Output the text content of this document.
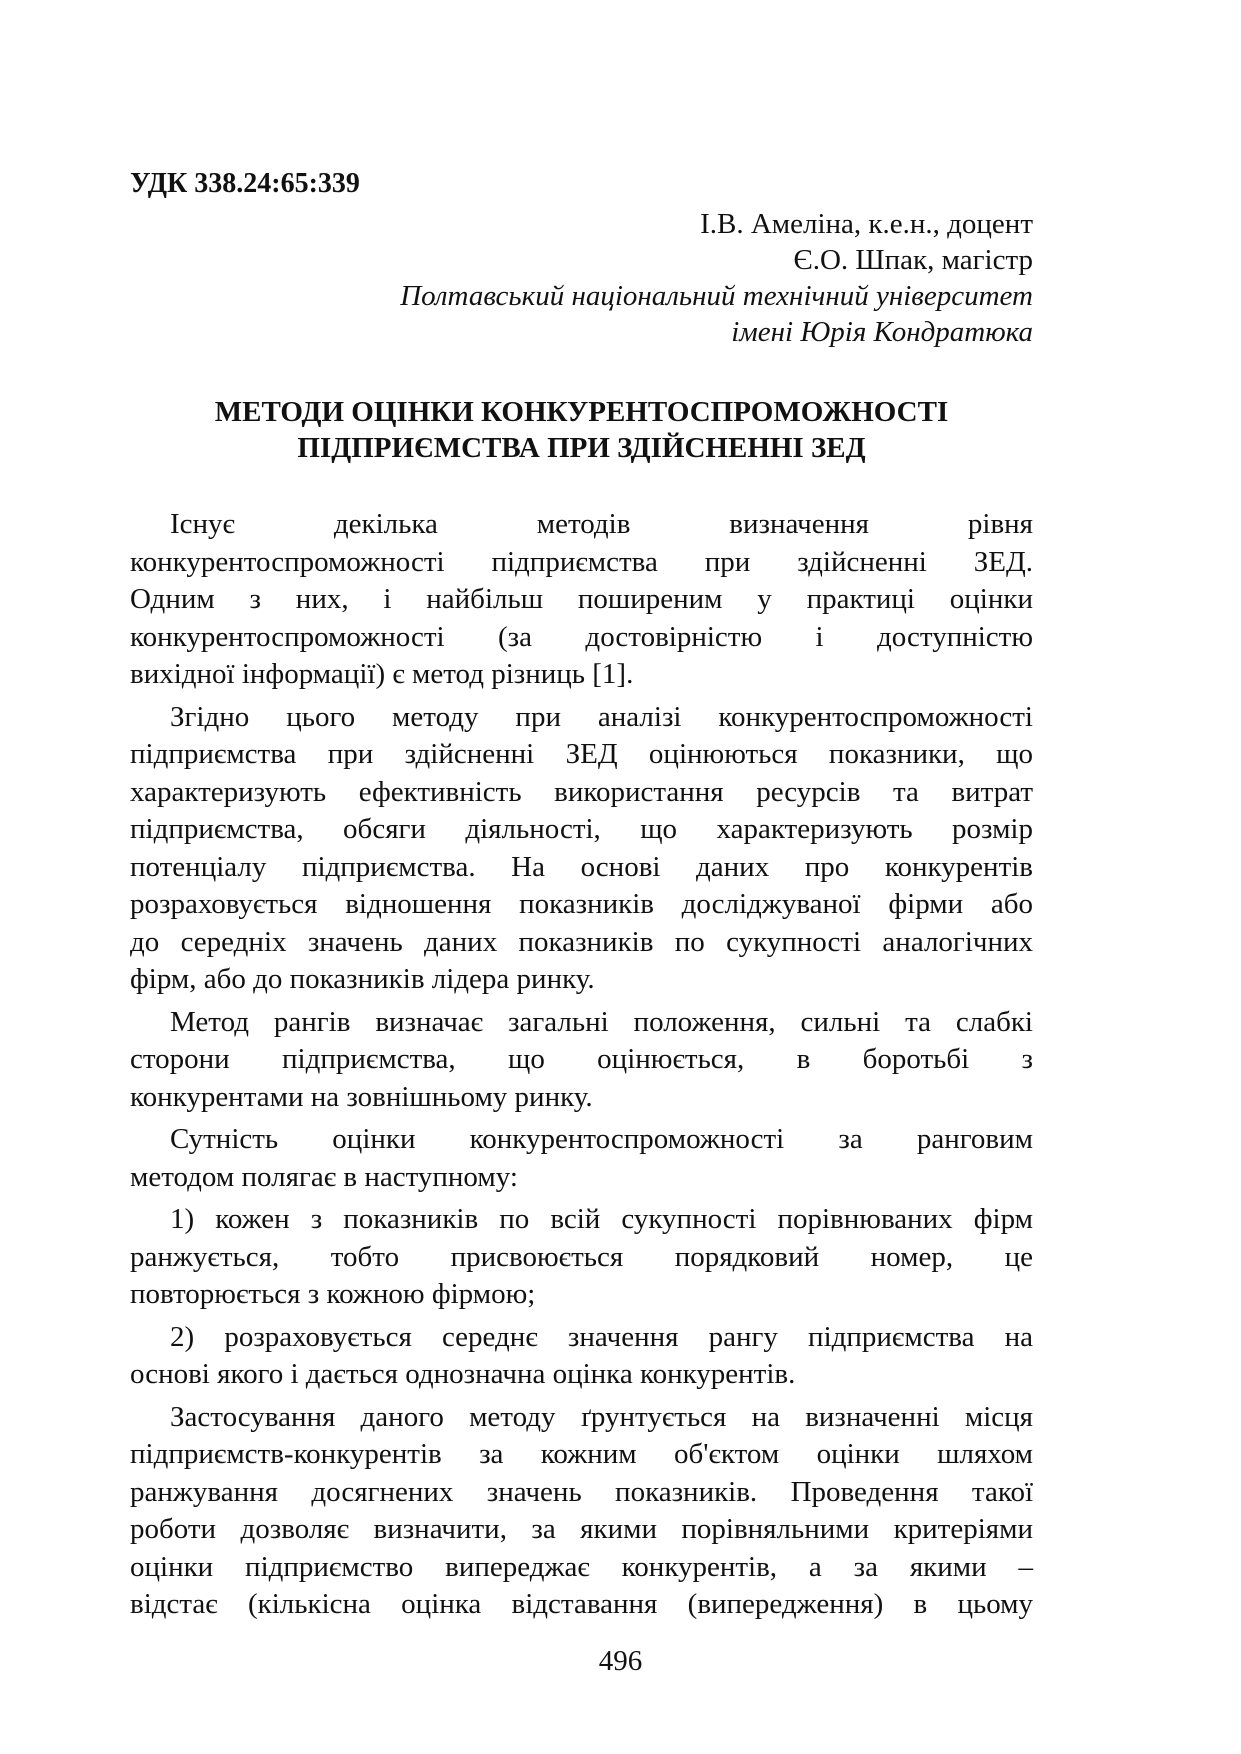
УДК 338.24:65:339

І.В. Амеліна, к.е.н., доцент
Є.О. Шпак, магістр
Полтавський національний технічний університет
імені Юрія Кондратюка
МЕТОДИ ОЦІНКИ КОНКУРЕНТОСПРОМОЖНОСТІ
ПІДПРИЄМСТВА ПРИ ЗДІЙСНЕННІ ЗЕД

Існує декілька методів визначення рівня
конкурентоспроможності підприємства при здійсненні ЗЕД.
Одним з них, і найбільш поширеним у практиці оцінки
конкурентоспроможності (за достовірністю і доступністю
вихідної інформації) є метод різниць [1].

Згідно цього методу при аналізі конкурентоспроможності
підприємства при здійсненні ЗЕД оцінюються показники, що
характеризують ефективність використання ресурсів та витрат
підприємства, обсяги діяльності, що характеризують розмір
потенціалу підприємства. На основі даних про конкурентів
розраховується відношення показників досліджуваної фірми або
до середніх значень даних показників по сукупності аналогічних
фірм, або до показників лідера ринку.

Метод рангів визначає загальні положення, сильні та слабкі
сторони підприємства, що оцінюється, в боротьбі з
конкурентами на зовнішньому ринку.

Сутність оцінки конкурентоспроможності за ранговим
методом полягає в наступному:

1) кожен з показників по всій сукупності порівнюваних фірм
ранжується, тобто присвоюється порядковий номер, це
повторюється з кожною фірмою;

2) розраховується середнє значення рангу підприємства на
основі якого і дається однозначна оцінка конкурентів.

Застосування даного методу ґрунтується на визначенні місця
підприємств-конкурентів за кожним об'єктом оцінки шляхом
ранжування досягнених значень показників. Проведення такої
роботи дозволяє визначити, за якими порівняльними критеріями
оцінки підприємство випереджає конкурентів, а за якими –
відстає (кількісна оцінка відставання (випередження) в цьому

496
